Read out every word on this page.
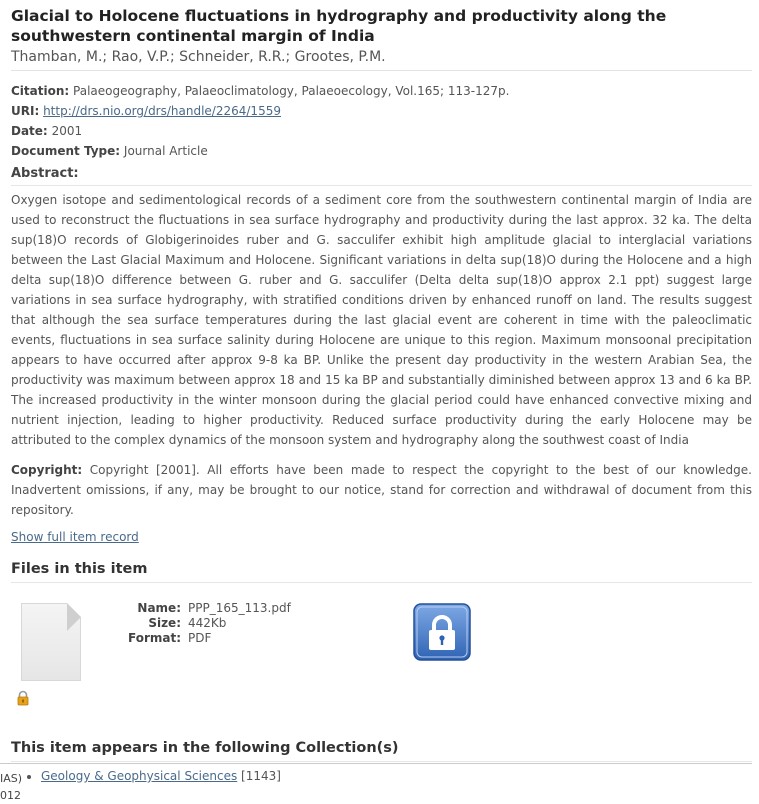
Glacial to Holocene fluctuations in hydrography and productivity along the southwestern continental margin of India
Thamban, M.; Rao, V.P.; Schneider, R.R.; Grootes, P.M.
Citation: Palaeogeography, Palaeoclimatology, Palaeoecology, Vol.165; 113-127p.
URI: http://drs.nio.org/drs/handle/2264/1559
Date: 2001
Document Type: Journal Article
Abstract:

Oxygen isotope and sedimentological records of a sediment core from the southwestern continental margin of India are used to reconstruct the fluctuations in sea surface hydrography and productivity during the last approx. 32 ka. The delta sup(18)O records of Globigerinoides ruber and G. sacculifer exhibit high amplitude glacial to interglacial variations between the Last Glacial Maximum and Holocene. Significant variations in delta sup(18)O during the Holocene and a high delta sup(18)O difference between G. ruber and G. sacculifer (Delta delta sup(18)O approx 2.1 ppt) suggest large variations in sea surface hydrography, with stratified conditions driven by enhanced runoff on land. The results suggest that although the sea surface temperatures during the last glacial event are coherent in time with the paleoclimatic events, fluctuations in sea surface salinity during Holocene are unique to this region. Maximum monsoonal precipitation appears to have occurred after approx 9-8 ka BP. Unlike the present day productivity in the western Arabian Sea, the productivity was maximum between approx 18 and 15 ka BP and substantially diminished between approx 13 and 6 ka BP. The increased productivity in the winter monsoon during the glacial period could have enhanced convective mixing and nutrient injection, leading to higher productivity. Reduced surface productivity during the early Holocene may be attributed to the complex dynamics of the monsoon system and hydrography along the southwest coast of India

Copyright: Copyright [2001]. All efforts have been made to respect the copyright to the best of our knowledge. Inadvertent omissions, if any, may be brought to our notice, stand for correction and withdrawal of document from this repository.

Show full item record
Files in this item
Name: PPP_165_113.pdf
Size: 442Kb
Format: PDF
This item appears in the following Collection(s)
• Geology & Geophysical Sciences [1143]
IAS)
012
